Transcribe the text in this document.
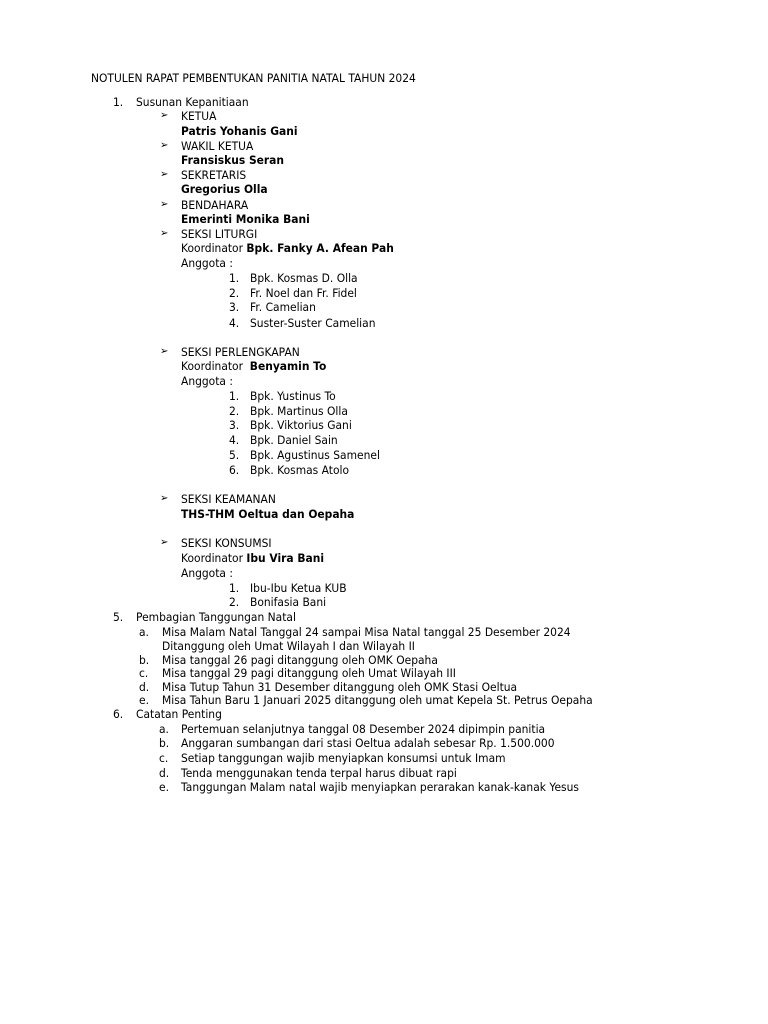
NOTULEN RAPAT PEMBENTUKAN PANITIA NATAL TAHUN 2024
1. Susunan Kepanitiaan
➢ KETUA
Patris Yohanis Gani
➢ WAKIL KETUA
Fransiskus Seran
➢ SEKRETARIS
Gregorius Olla
➢ BENDAHARA
Emerinti Monika Bani
➢ SEKSI LITURGI
Koordinator Bpk. Fanky A. Afean Pah
Anggota :
1. Bpk. Kosmas D. Olla
2. Fr. Noel dan Fr. Fidel
3. Fr. Camelian
4. Suster-Suster Camelian
➢ SEKSI PERLENGKAPAN
Koordinator Benyamin To
Anggota :
1. Bpk. Yustinus To
2. Bpk. Martinus Olla
3. Bpk. Viktorius Gani
4. Bpk. Daniel Sain
5. Bpk. Agustinus Samenel
6. Bpk. Kosmas Atolo
➢ SEKSI KEAMANAN
THS-THM Oeltua dan Oepaha
➢ SEKSI KONSUMSI
Koordinator Ibu Vira Bani
Anggota :
1. Ibu-Ibu Ketua KUB
2. Bonifasia Bani
5. Pembagian Tanggungan Natal
a. Misa Malam Natal Tanggal 24 sampai Misa Natal tanggal 25 Desember 2024
Ditanggung oleh Umat Wilayah I dan Wilayah II
b. Misa tanggal 26 pagi ditanggung oleh OMK Oepaha
c. Misa tanggal 29 pagi ditanggung oleh Umat Wilayah III
d. Misa Tutup Tahun 31 Desember ditanggung oleh OMK Stasi Oeltua
e. Misa Tahun Baru 1 Januari 2025 ditanggung oleh umat Kepela St. Petrus Oepaha
6. Catatan Penting
a. Pertemuan selanjutnya tanggal 08 Desember 2024 dipimpin panitia
b. Anggaran sumbangan dari stasi Oeltua adalah sebesar Rp. 1.500.000
c. Setiap tanggungan wajib menyiapkan konsumsi untuk Imam
d. Tenda menggunakan tenda terpal harus dibuat rapi
e. Tanggungan Malam natal wajib menyiapkan perarakan kanak-kanak Yesus
